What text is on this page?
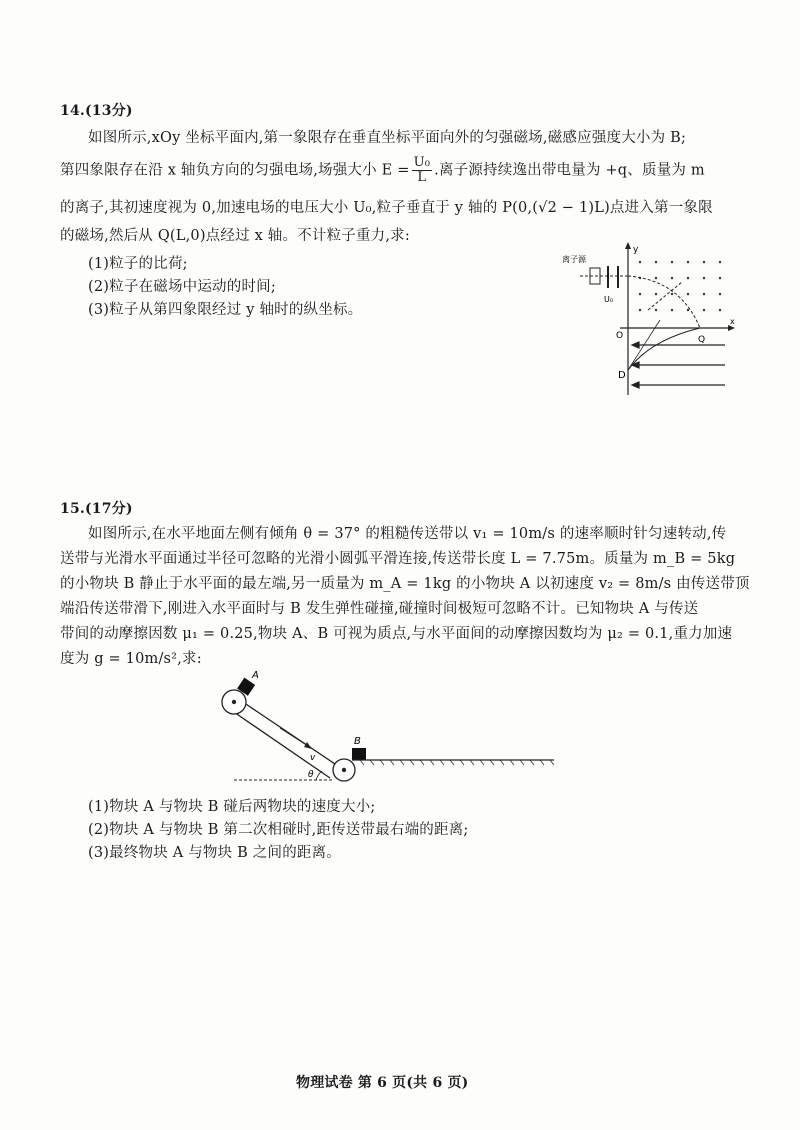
14.(13分)
如图所示,xOy 坐标平面内,第一象限存在垂直坐标平面向外的匀强磁场,磁感应强度大小为 B;
第四象限存在沿 x 轴负方向的匀强电场,场强大小 $E = \frac{\text{U₀}}{L}$ .离子源持续逸出带电量为 +q、质量为 m
的离子,其初速度视为 0,加速电场的电压大小 U₀,粒子垂直于 y 轴的 P(0,(√2 − 1)L)点进入第一象限
的磁场,然后从 Q(L,0)点经过 x 轴。不计粒子重力,求:
(1)粒子的比荷;
(2)粒子在磁场中运动的时间;
(3)粒子从第四象限经过 y 轴时的纵坐标。
y
x
离子源
U₀
O	Q
D
15.(17分)
如图所示,在水平地面左侧有倾角 θ = 37° 的粗糙传送带以 v₁ = 10m/s 的速率顺时针匀速转动,传
送带与光滑水平面通过半径可忽略的光滑小圆弧平滑连接,传送带长度 L = 7.75m。质量为 m_B = 5kg
的小物块 B 静止于水平面的最左端,另一质量为 m_A = 1kg 的小物块 A 以初速度 v₂ = 8m/s 由传送带顶
端沿传送带滑下,刚进入水平面时与 B 发生弹性碰撞,碰撞时间极短可忽略不计。已知物块 A 与传送
带间的动摩擦因数 μ₁ = 0.25,物块 A、B 可视为质点,与水平面间的动摩擦因数均为 μ₂ = 0.1,重力加速
度为 g = 10m/s²,求:
A
v
B
θ
(1)物块 A 与物块 B 碰后两物块的速度大小;
(2)物块 A 与物块 B 第二次相碰时,距传送带最右端的距离;
(3)最终物块 A 与物块 B 之间的距离。
物理试卷 第 6 页(共 6 页)
